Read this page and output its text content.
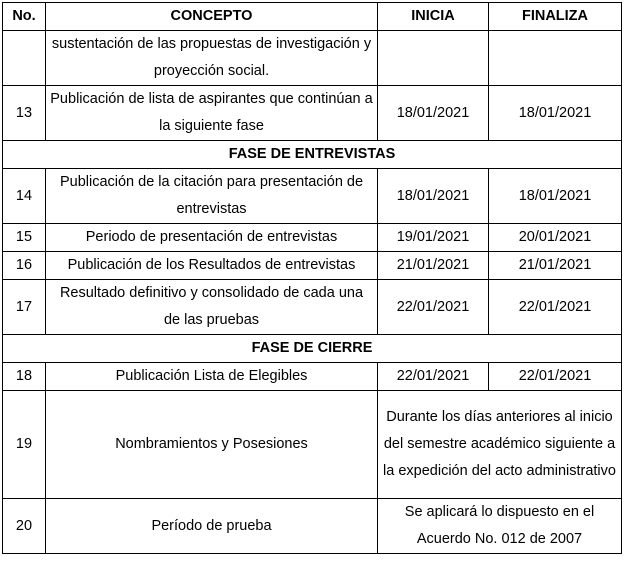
No.	CONCEPTO	INICIA	FINALIZA
	sustentación de las propuestas de investigación y proyección social.		
13	Publicación de lista de aspirantes que continúan a la siguiente fase	18/01/2021	18/01/2021
FASE DE ENTREVISTAS			
14	Publicación de la citación para presentación de entrevistas	18/01/2021	18/01/2021
15	Periodo de presentación de entrevistas	19/01/2021	20/01/2021
16	Publicación de los Resultados de entrevistas	21/01/2021	21/01/2021
17	Resultado definitivo y consolidado de cada una de las pruebas	22/01/2021	22/01/2021
FASE DE CIERRE			
18	Publicación Lista de Elegibles	22/01/2021	22/01/2021
19	Nombramientos y Posesiones	Durante los días anteriores al inicio del semestre académico siguiente a la expedición del acto administrativo	
20	Período de prueba	Se aplicará lo dispuesto en el Acuerdo No. 012 de 2007	
